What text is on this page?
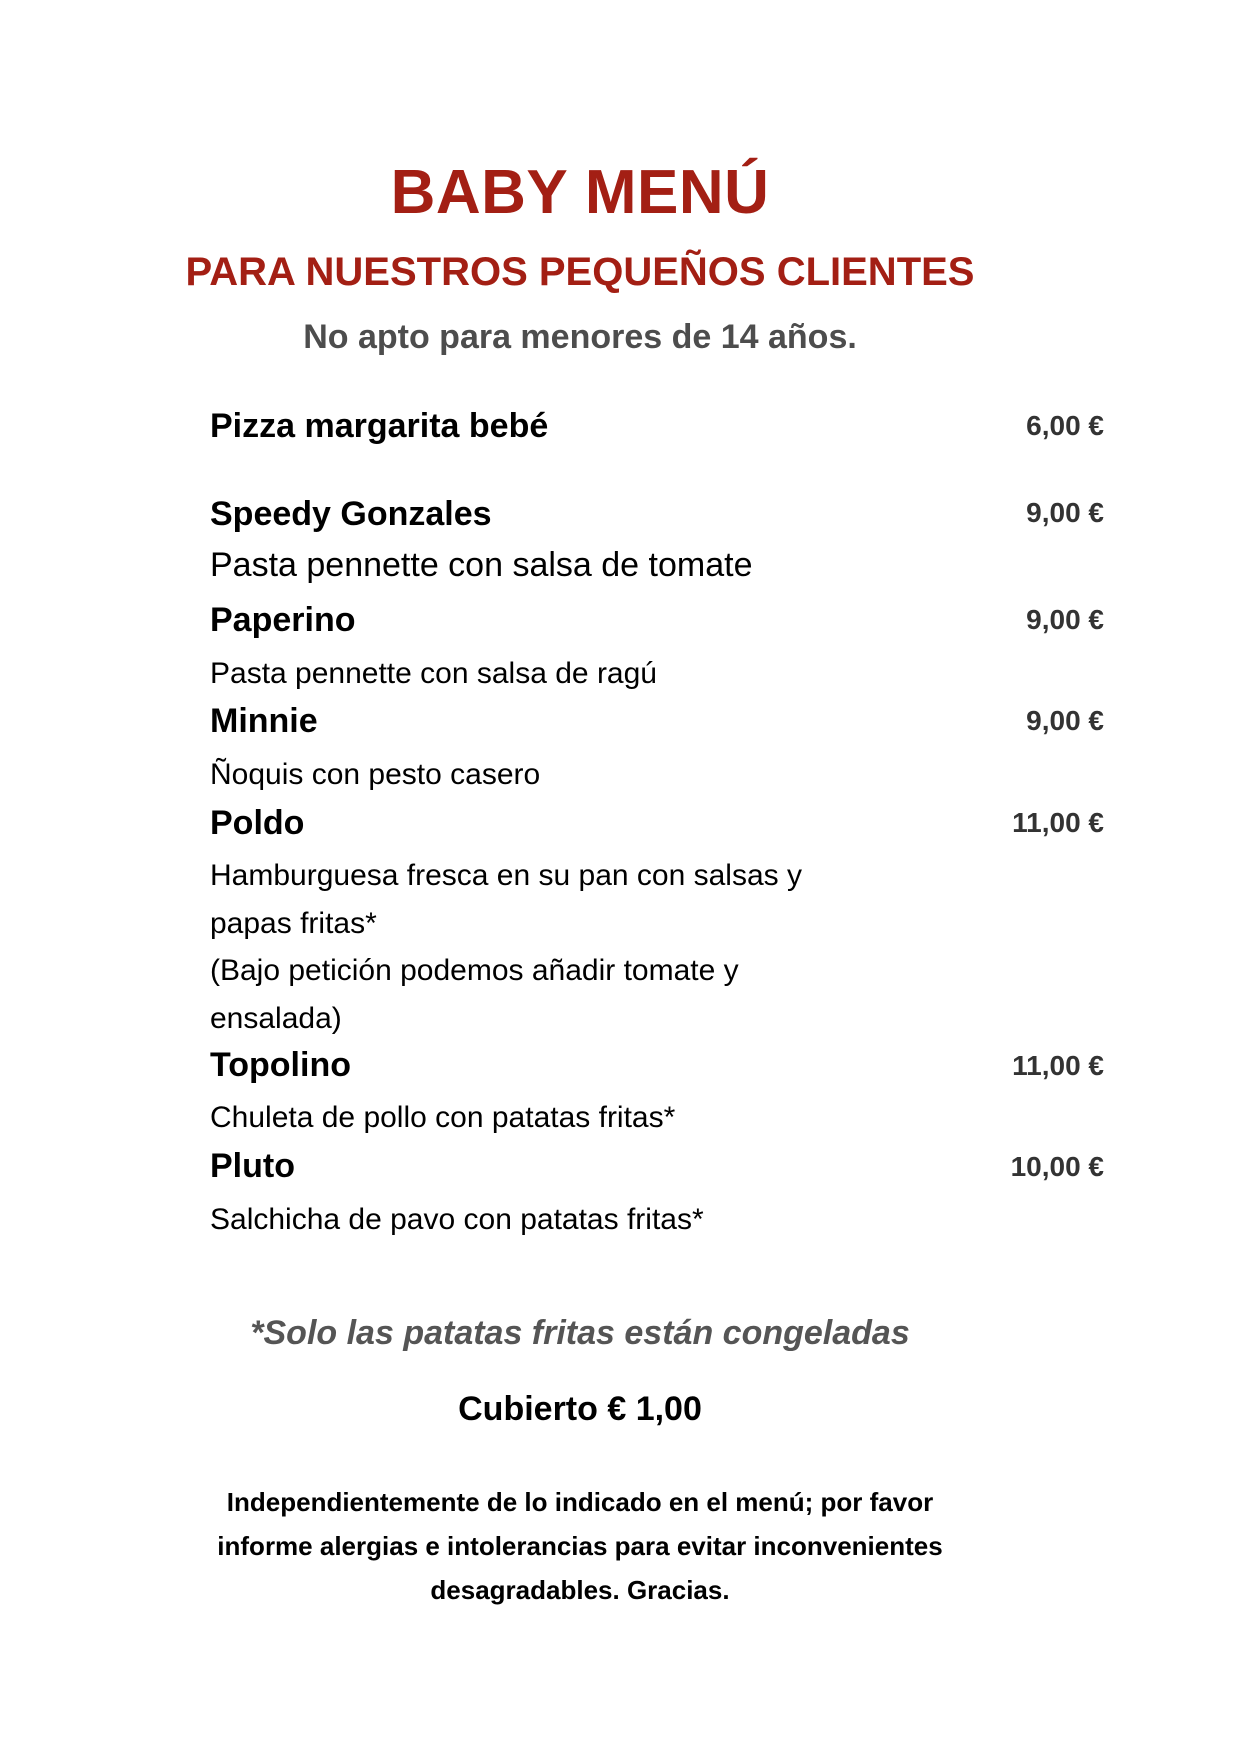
BABY MENÚ
PARA NUESTROS PEQUEÑOS CLIENTES
No apto para menores de 14 años.
Pizza margarita bebé	6,00 €
Speedy Gonzales	9,00 €
Pasta pennette con salsa de tomate
Paperino	9,00 €
Pasta pennette con salsa de ragú
Minnie	9,00 €
Ñoquis con pesto casero
Poldo	11,00 €
Hamburguesa fresca en su pan con salsas y papas fritas*
(Bajo petición podemos añadir tomate y ensalada)
Topolino	11,00 €
Chuleta de pollo con patatas fritas*
Pluto	10,00 €
Salchicha de pavo con patatas fritas*
*Solo las patatas fritas están congeladas
Cubierto € 1,00
Independientemente de lo indicado en el menú; por favor informe alergias e intolerancias para evitar inconvenientes desagradables. Gracias.
